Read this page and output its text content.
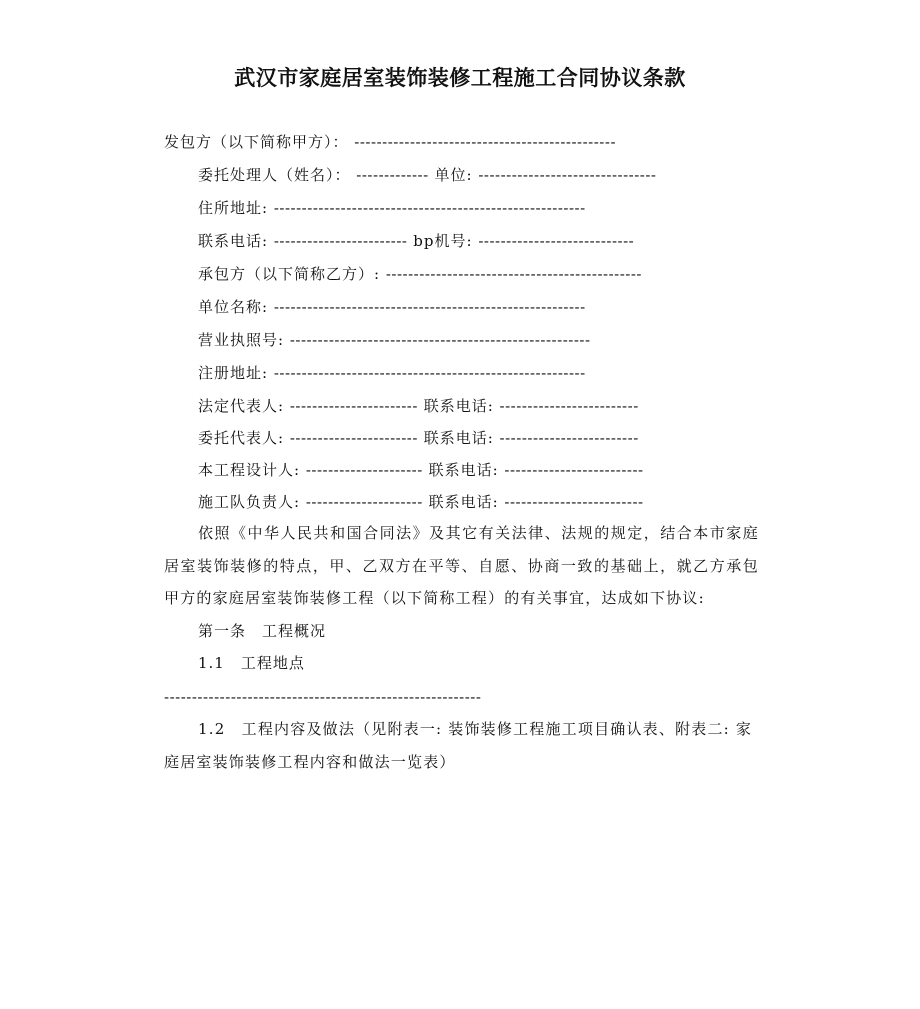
武汉市家庭居室装饰装修工程施工合同协议条款
发包方（以下简称甲方）： -----------------------------------------------
委托处理人（姓名）： ------------- 单位: --------------------------------
住所地址: --------------------------------------------------------
联系电话: ------------------------ bp机号: ----------------------------
承包方（以下简称乙方）: ----------------------------------------------
单位名称: --------------------------------------------------------
营业执照号: ------------------------------------------------------
注册地址: --------------------------------------------------------
法定代表人: ----------------------- 联系电话: -------------------------
委托代表人: ----------------------- 联系电话: -------------------------
本工程设计人: --------------------- 联系电话: -------------------------
施工队负责人: --------------------- 联系电话: -------------------------
依照《中华人民共和国合同法》及其它有关法律、法规的规定，结合本市家庭居室装饰装修的特点，甲、乙双方在平等、自愿、协商一致的基础上，就乙方承包甲方的家庭居室装饰装修工程（以下简称工程）的有关事宜，达成如下协议:
第一条　工程概况
1.1　工程地点
---------------------------------------------------------
1.2　工程内容及做法（见附表一: 装饰装修工程施工项目确认表、附表二: 家庭居室装饰装修工程内容和做法一览表）
